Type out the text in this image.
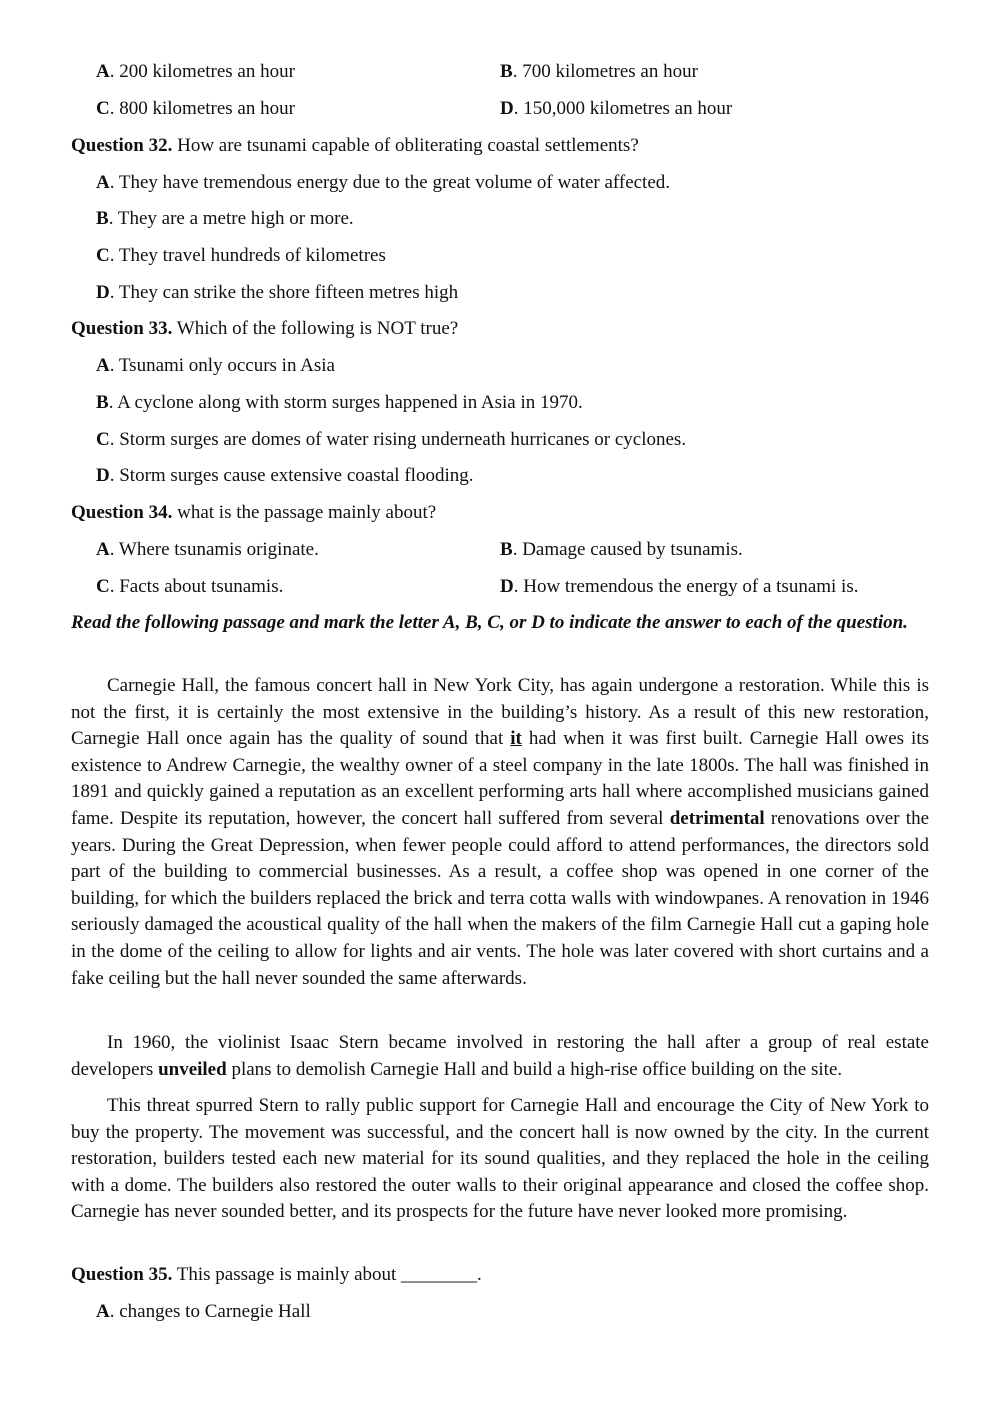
A. 200 kilometres an hour	B. 700 kilometres an hour
C. 800 kilometres an hour	D. 150,000 kilometres an hour
Question 32. How are tsunami capable of obliterating coastal settlements?
A. They have tremendous energy due to the great volume of water affected.
B. They are a metre high or more.
C. They travel hundreds of kilometres
D. They can strike the shore fifteen metres high
Question 33. Which of the following is NOT true?
A. Tsunami only occurs in Asia
B. A cyclone along with storm surges happened in Asia in 1970.
C. Storm surges are domes of water rising underneath hurricanes or cyclones.
D. Storm surges cause extensive coastal flooding.
Question 34. what is the passage mainly about?
A. Where tsunamis originate.	B. Damage caused by tsunamis.
C. Facts about tsunamis.	D. How tremendous the energy of a tsunami is.
Read the following passage and mark the letter A, B, C, or D to indicate the answer to each of the question.
Carnegie Hall, the famous concert hall in New York City, has again undergone a restoration. While this is not the first, it is certainly the most extensive in the building’s history. As a result of this new restoration, Carnegie Hall once again has the quality of sound that it had when it was first built. Carnegie Hall owes its existence to Andrew Carnegie, the wealthy owner of a steel company in the late 1800s. The hall was finished in 1891 and quickly gained a reputation as an excellent performing arts hall where accomplished musicians gained fame. Despite its reputation, however, the concert hall suffered from several detrimental renovations over the years. During the Great Depression, when fewer people could afford to attend performances, the directors sold part of the building to commercial businesses. As a result, a coffee shop was opened in one corner of the building, for which the builders replaced the brick and terra cotta walls with windowpanes. A renovation in 1946 seriously damaged the acoustical quality of the hall when the makers of the film Carnegie Hall cut a gaping hole in the dome of the ceiling to allow for lights and air vents. The hole was later covered with short curtains and a fake ceiling but the hall never sounded the same afterwards.
In 1960, the violinist Isaac Stern became involved in restoring the hall after a group of real estate developers unveiled plans to demolish Carnegie Hall and build a high-rise office building on the site.
This threat spurred Stern to rally public support for Carnegie Hall and encourage the City of New York to buy the property. The movement was successful, and the concert hall is now owned by the city. In the current restoration, builders tested each new material for its sound qualities, and they replaced the hole in the ceiling with a dome. The builders also restored the outer walls to their original appearance and closed the coffee shop. Carnegie has never sounded better, and its prospects for the future have never looked more promising.
Question 35. This passage is mainly about ________.
A. changes to Carnegie Hall
